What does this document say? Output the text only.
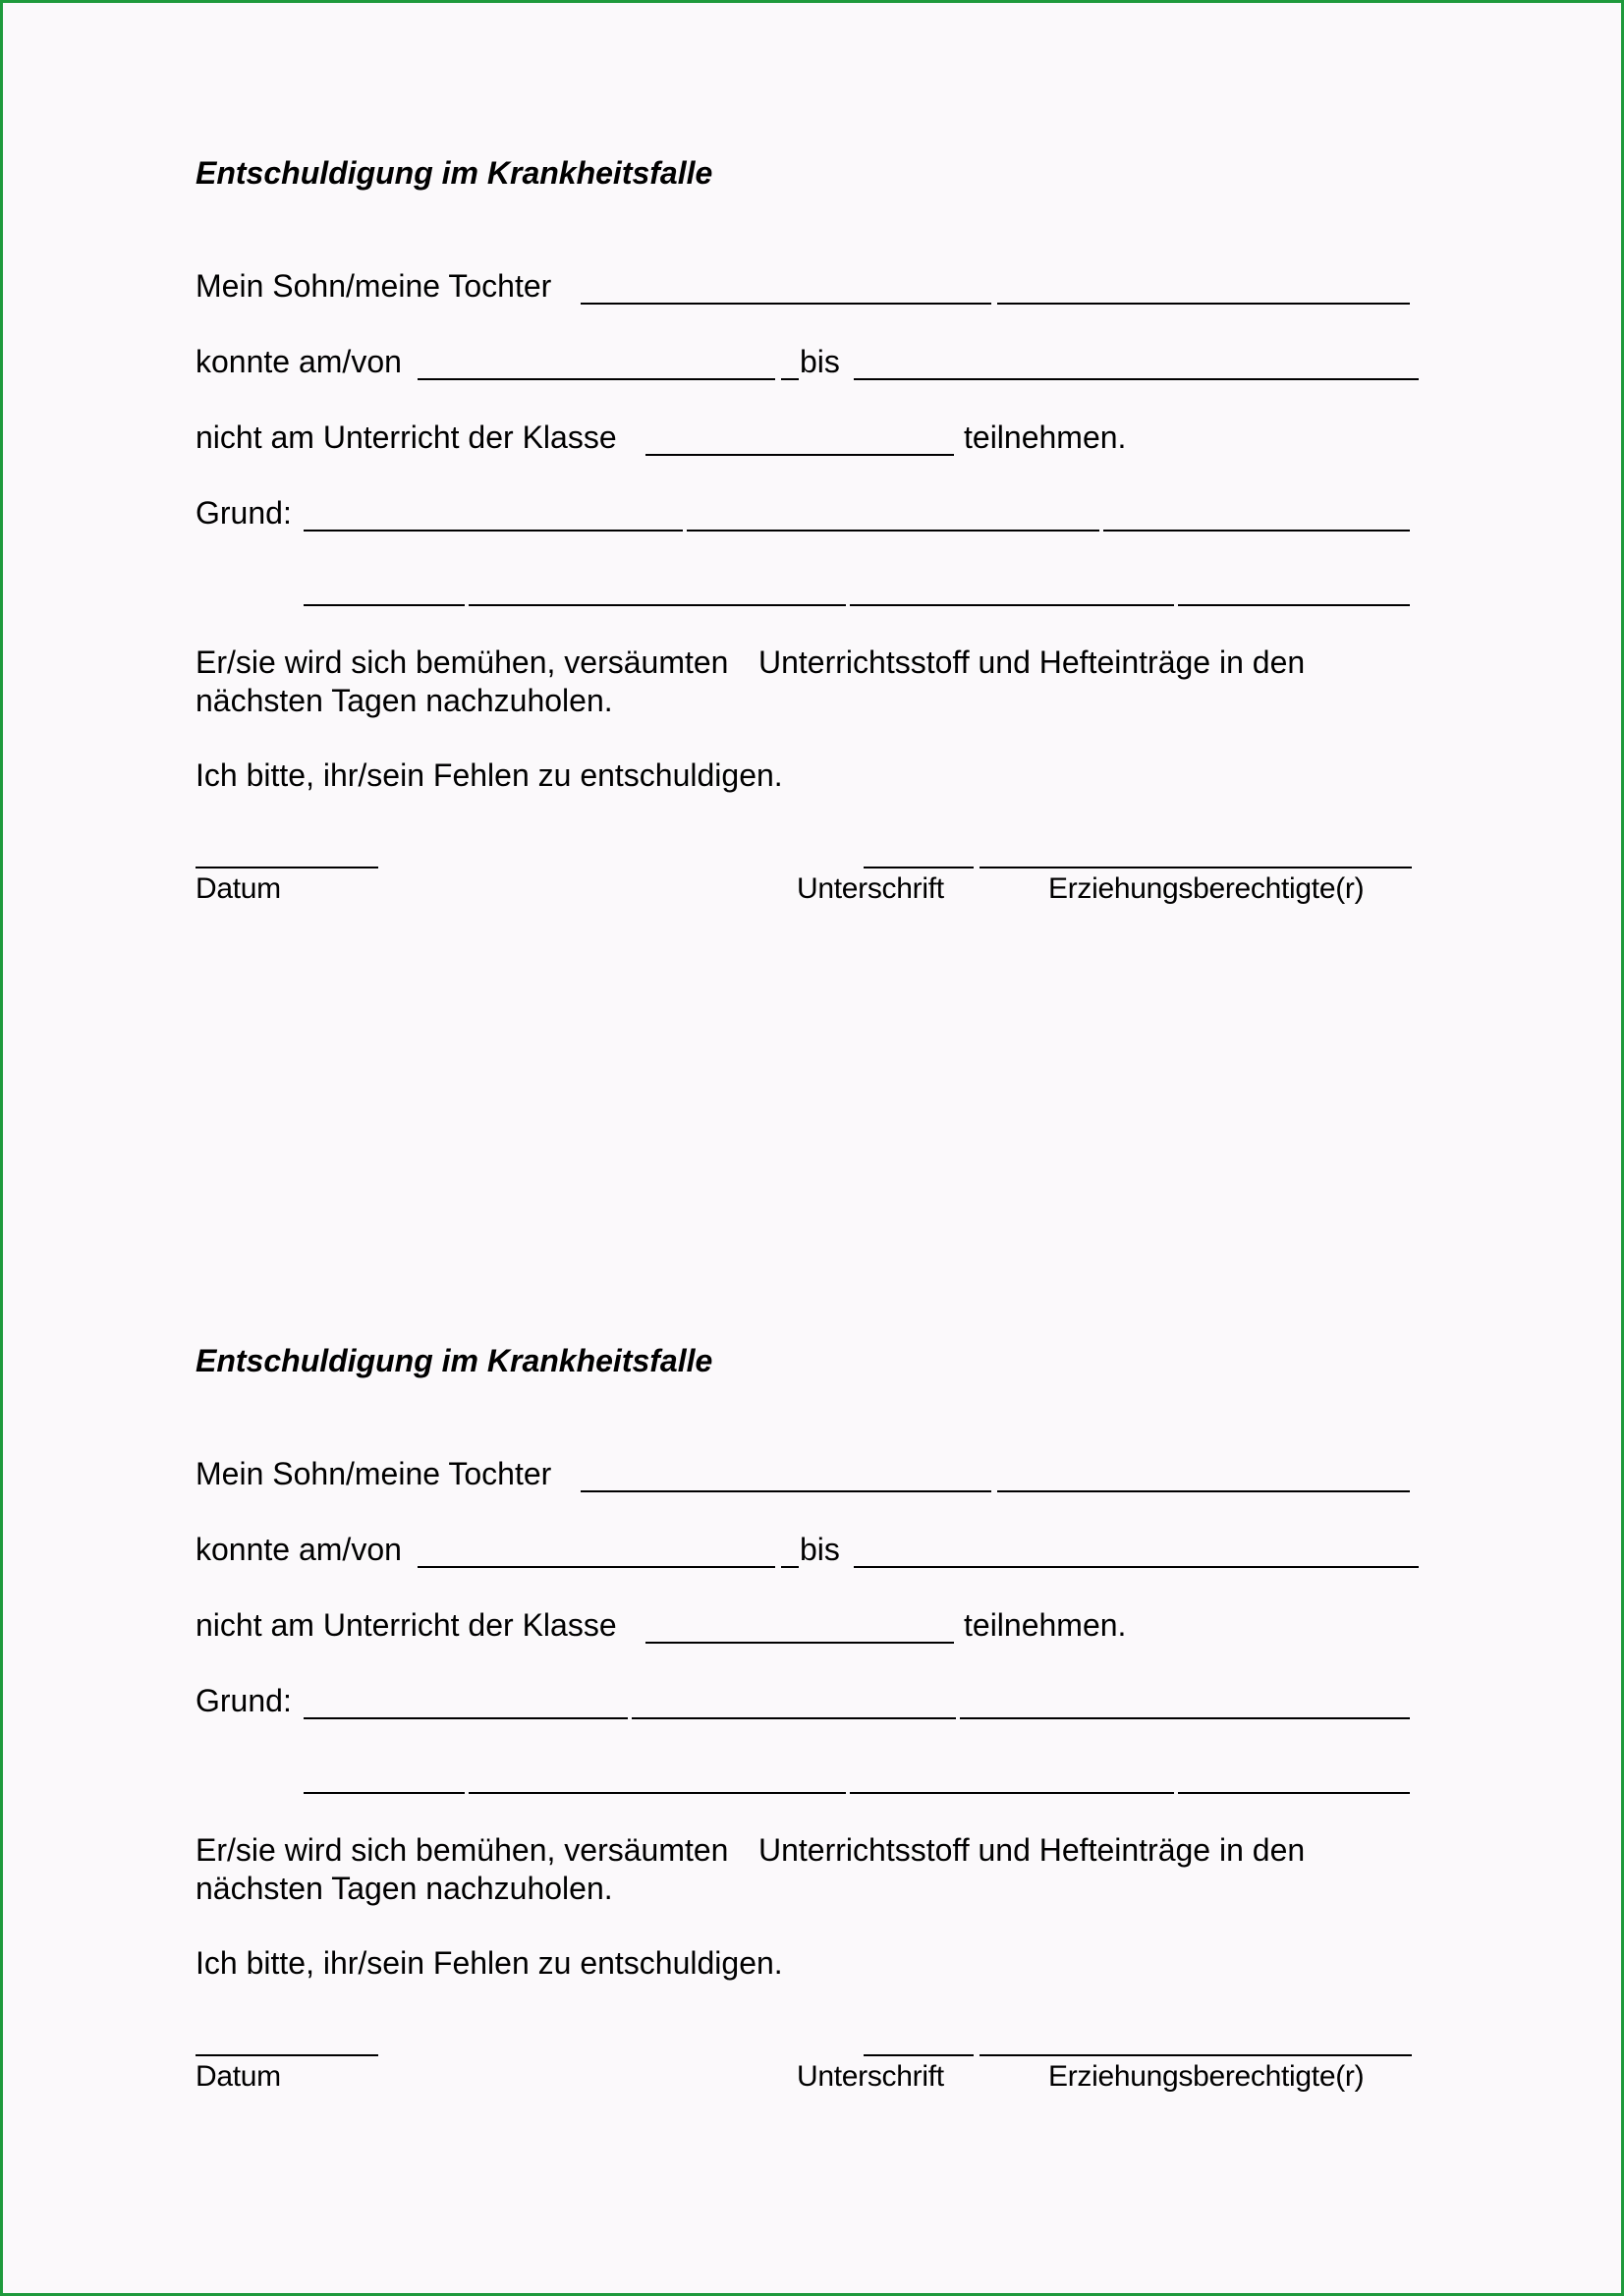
Entschuldigung im Krankheitsfalle
Mein Sohn/meine Tochter
konnte am/von	bis
nicht am Unterricht der Klasse	teilnehmen.
Grund:
Er/sie wird sich bemühen, versäumten Unterrichtsstoff und Hefteinträge in den
nächsten Tagen nachzuholen.
Ich bitte, ihr/sein Fehlen zu entschuldigen.
Datum	Unterschrift	Erziehungsberechtigte(r)
Entschuldigung im Krankheitsfalle
Mein Sohn/meine Tochter
konnte am/von	bis
nicht am Unterricht der Klasse	teilnehmen.
Grund:
Er/sie wird sich bemühen, versäumten Unterrichtsstoff und Hefteinträge in den
nächsten Tagen nachzuholen.
Ich bitte, ihr/sein Fehlen zu entschuldigen.
Datum	Unterschrift	Erziehungsberechtigte(r)
